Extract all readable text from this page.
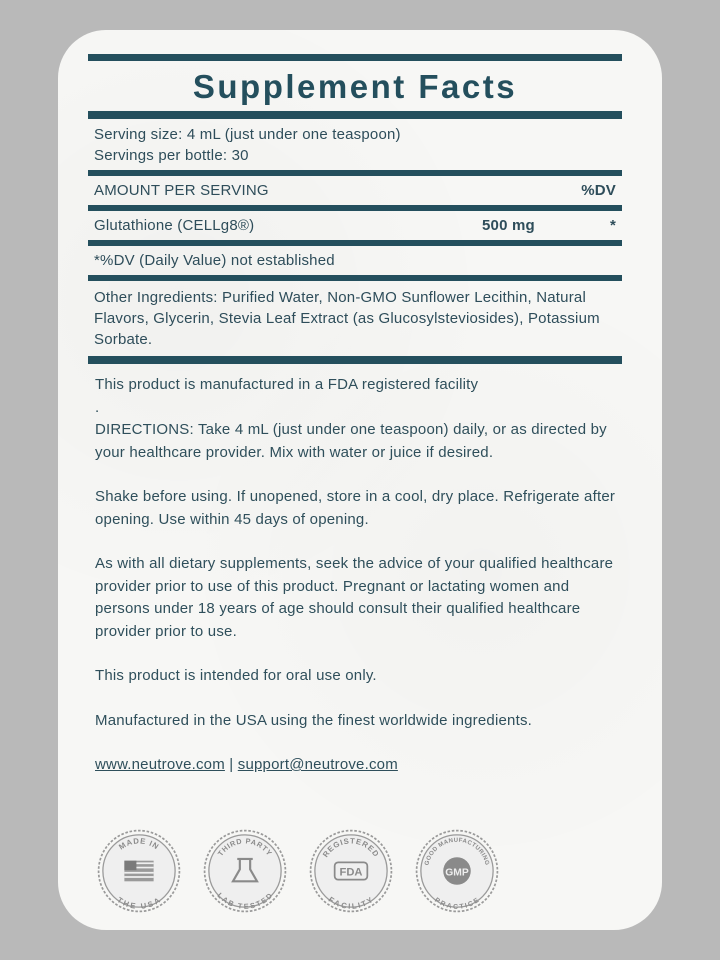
Supplement Facts
Serving size: 4 mL (just under one teaspoon)
Servings per bottle: 30
AMOUNT PER SERVING	%DV
Glutathione (CELLg8®)	500 mg	*
*%DV (Daily Value) not established
Other Ingredients: Purified Water, Non-GMO Sunflower Lecithin, Natural Flavors, Glycerin, Stevia Leaf Extract (as Glucosylsteviosides), Potassium Sorbate.

This product is manufactured in a FDA registered facility

.

DIRECTIONS: Take 4 mL (just under one teaspoon) daily, or as directed by your healthcare provider. Mix with water or juice if desired.

Shake before using. If unopened, store in a cool, dry place. Refrigerate after opening. Use within 45 days of opening.

As with all dietary supplements, seek the advice of your qualified healthcare provider prior to use of this product. Pregnant or lactating women and persons under 18 years of age should consult their qualified healthcare provider prior to use.

This product is intended for oral use only.

Manufactured in the USA using the finest worldwide ingredients.

www.neutrove.com | support@neutrove.com

MADE IN
THE USA
THIRD PARTY
LAB TESTED
REGISTERED
FACILITY
FDA
GOOD MANUFACTURING
PRACTICE
GMP
